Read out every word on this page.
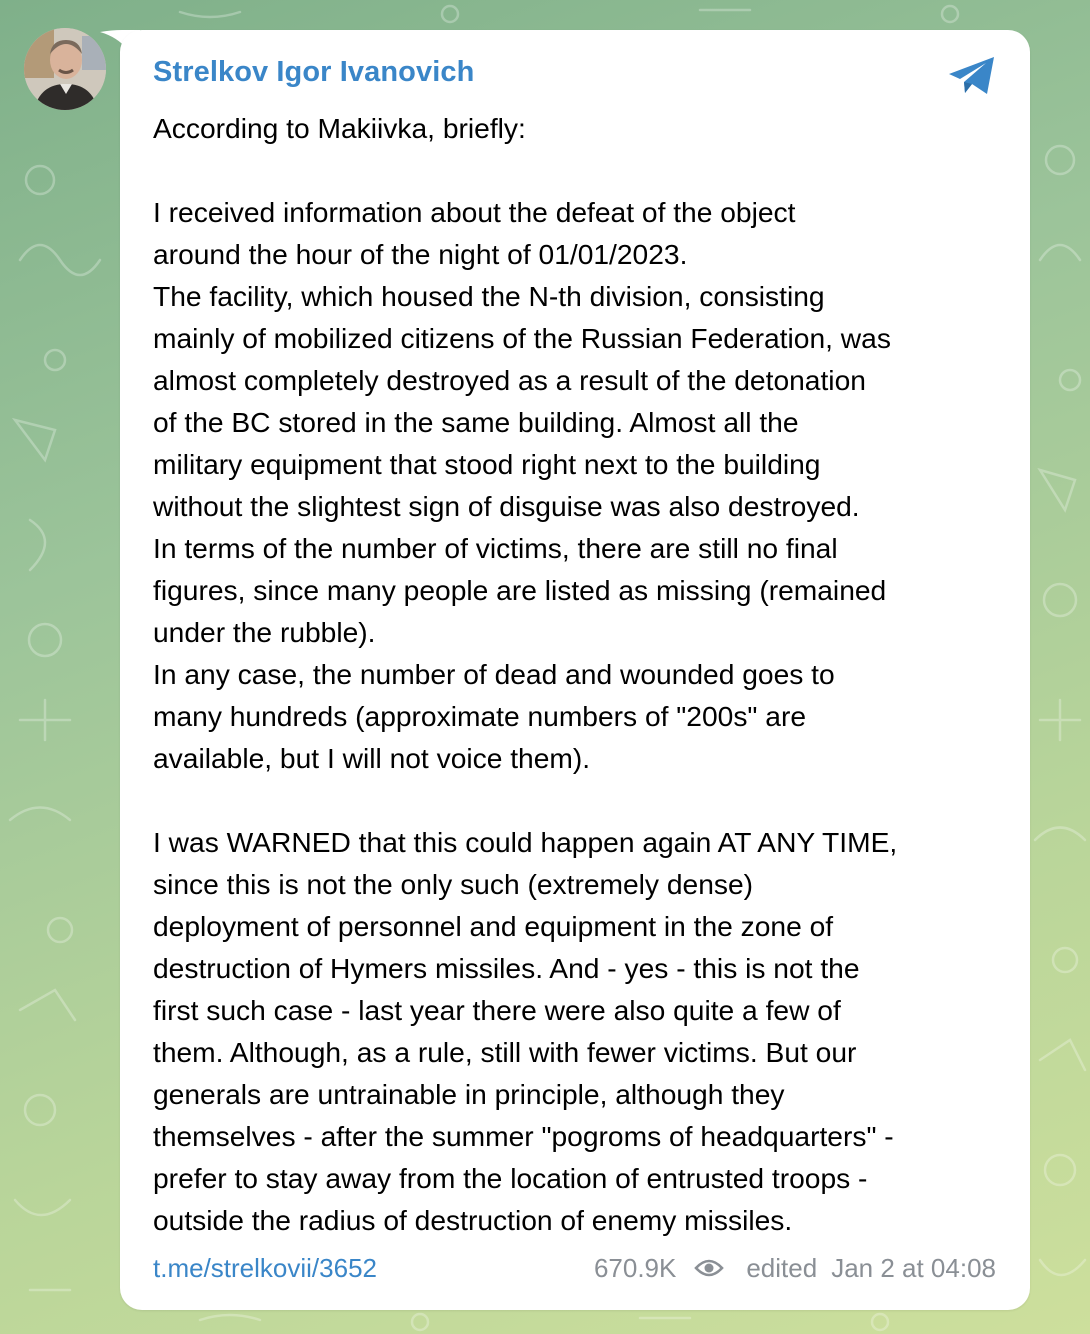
Strelkov Igor Ivanovich

According to Makiivka, briefly:

I received information about the defeat of the object

around the hour of the night of 01/01/2023.

The facility, which housed the N-th division, consisting

mainly of mobilized citizens of the Russian Federation, was

almost completely destroyed as a result of the detonation

of the BC stored in the same building. Almost all the

military equipment that stood right next to the building

without the slightest sign of disguise was also destroyed.

In terms of the number of victims, there are still no final

figures, since many people are listed as missing (remained

under the rubble).

In any case, the number of dead and wounded goes to

many hundreds (approximate numbers of "200s" are

available, but I will not voice them).

I was WARNED that this could happen again AT ANY TIME,

since this is not the only such (extremely dense)

deployment of personnel and equipment in the zone of

destruction of Hymers missiles. And - yes - this is not the

first such case - last year there were also quite a few of

them. Although, as a rule, still with fewer victims. But our

generals are untrainable in principle, although they

themselves - after the summer "pogroms of headquarters" -

prefer to stay away from the location of entrusted troops -

outside the radius of destruction of enemy missiles.

t.me/strelkovii/3652	670.9K	edited Jan 2 at 04:08
